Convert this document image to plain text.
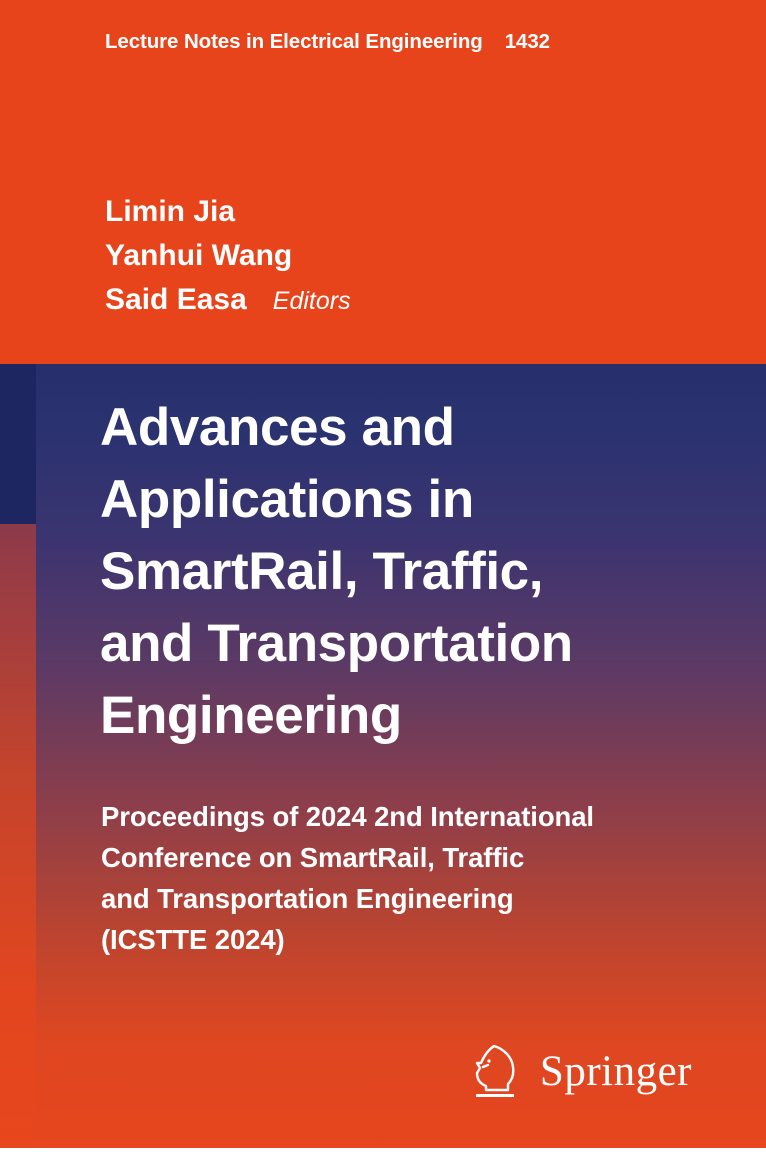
Advances and
Applications in
SmartRail, Traffic,
and Transportation
Engineering
Proceedings of 2024 2nd International
Conference on SmartRail, Traffic
and Transportation Engineering
(ICSTTE 2024)
Lecture Notes in Electrical Engineering 1432
Limin Jia
Yanhui Wang
Said Easa Editors
Springer
